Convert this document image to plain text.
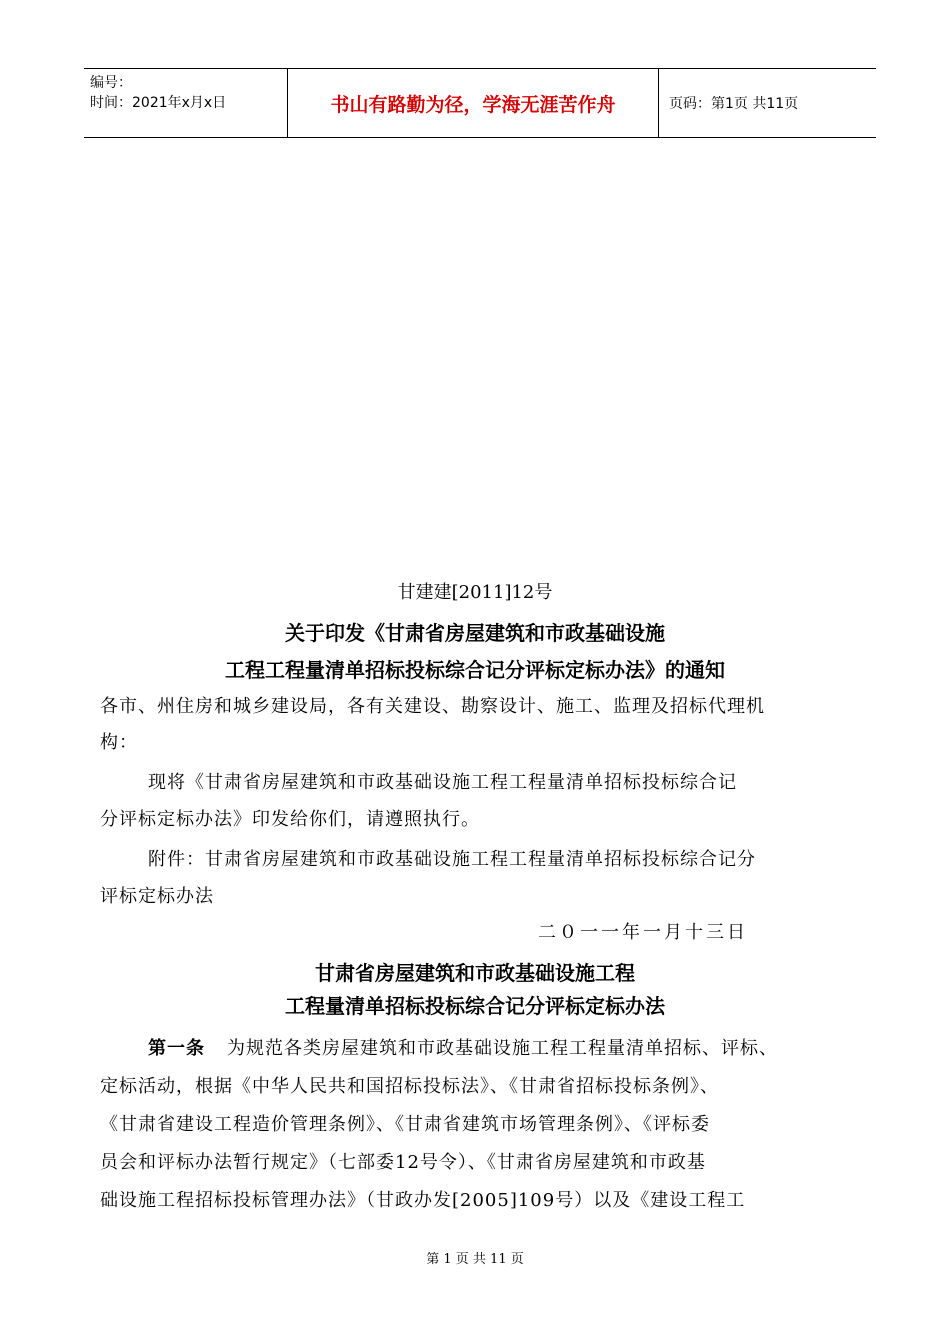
编号：
时间：2021年x月x日	书山有路勤为径，学海无涯苦作舟	页码：第1页 共11页
甘建建[2011]12号
关于印发《甘肃省房屋建筑和市政基础设施
工程工程量清单招标投标综合记分评标定标办法》的通知
各市、州住房和城乡建设局，各有关建设、勘察设计、施工、监理及招标代理机
构：
现将《甘肃省房屋建筑和市政基础设施工程工程量清单招标投标综合记
分评标定标办法》印发给你们，请遵照执行。
附件：甘肃省房屋建筑和市政基础设施工程工程量清单招标投标综合记分
评标定标办法
二０一一年一月十三日
甘肃省房屋建筑和市政基础设施工程
工程量清单招标投标综合记分评标定标办法
第一条 为规范各类房屋建筑和市政基础设施工程工程量清单招标、评标、
定标活动，根据《中华人民共和国招标投标法》、《甘肃省招标投标条例》、
《甘肃省建设工程造价管理条例》、《甘肃省建筑市场管理条例》、《评标委
员会和评标办法暂行规定》（七部委12号令）、《甘肃省房屋建筑和市政基
础设施工程招标投标管理办法》（甘政办发[2005]109号）以及《建设工程工
第 1 页 共 11 页
